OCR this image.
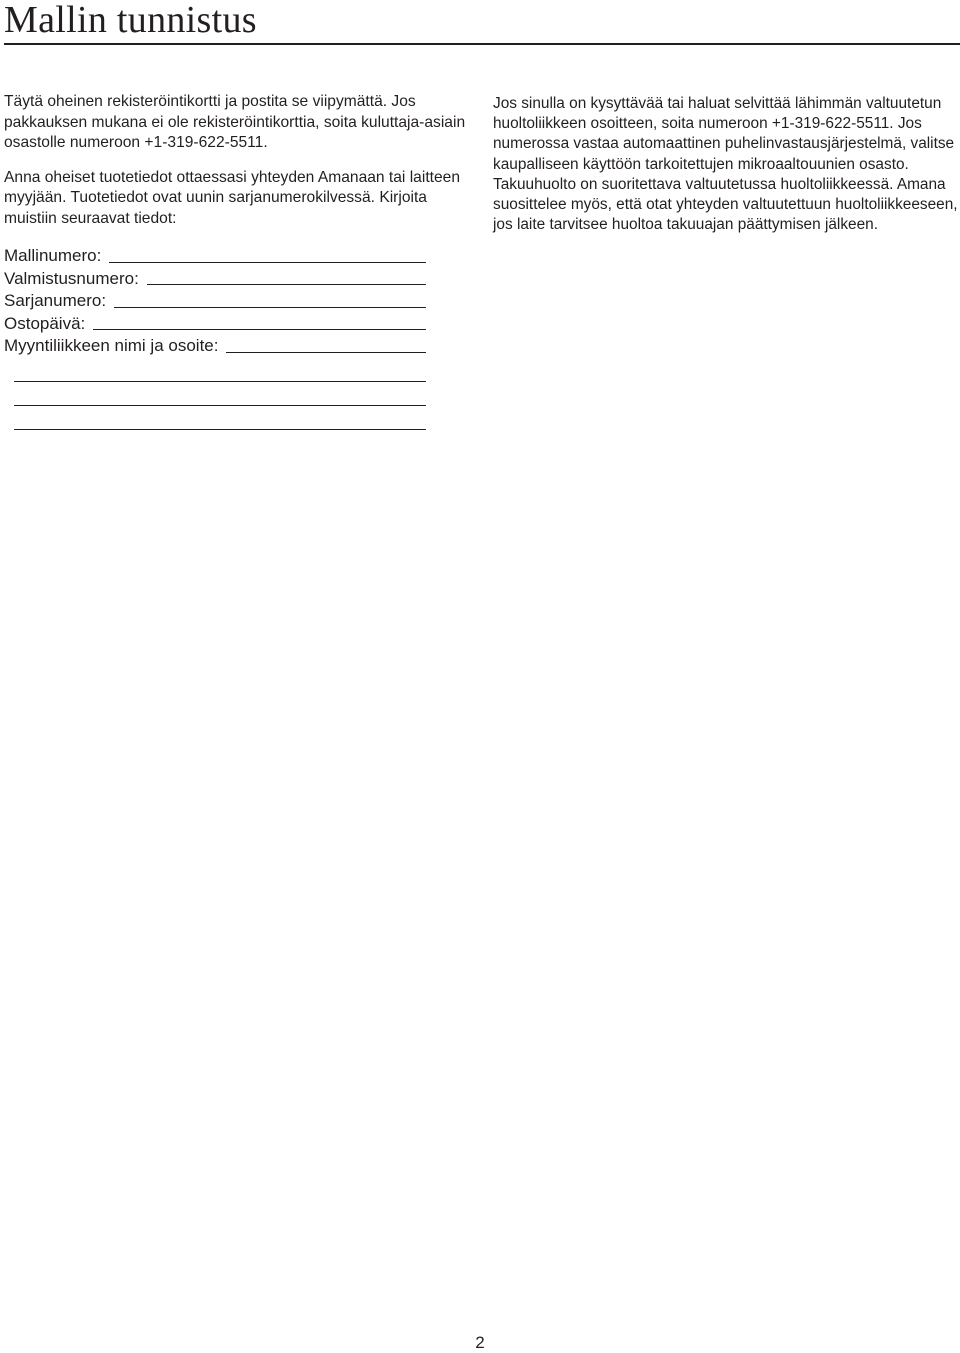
Mallin tunnistus

Täytä oheinen rekisteröintikortti ja postita se viipymättä. Jos pakkauksen mukana ei ole rekisteröintikorttia, soita kuluttaja-asiain osastolle numeroon +1-319-622-5511.

Anna oheiset tuotetiedot ottaessasi yhteyden Amanaan tai laitteen myyjään. Tuotetiedot ovat uunin sarjanumerokilvessä. Kirjoita muistiin seuraavat tiedot:

Mallinumero:
Valmistusnumero:
Sarjanumero:
Ostopäivä:
Myyntiliikkeen nimi ja osoite:

Jos sinulla on kysyttävää tai haluat selvittää lähimmän valtuutetun huoltoliikkeen osoitteen, soita numeroon +1-319-622-5511. Jos numerossa vastaa automaattinen puhelinvastausjärjestelmä, valitse kaupalliseen käyttöön tarkoitettujen mikroaaltouunien osasto. Takuuhuolto on suoritettava valtuutetussa huoltoliikkeessä. Amana suosittelee myös, että otat yhteyden valtuutettuun huoltoliikkeeseen, jos laite tarvitsee huoltoa takuuajan päättymisen jälkeen.

2
